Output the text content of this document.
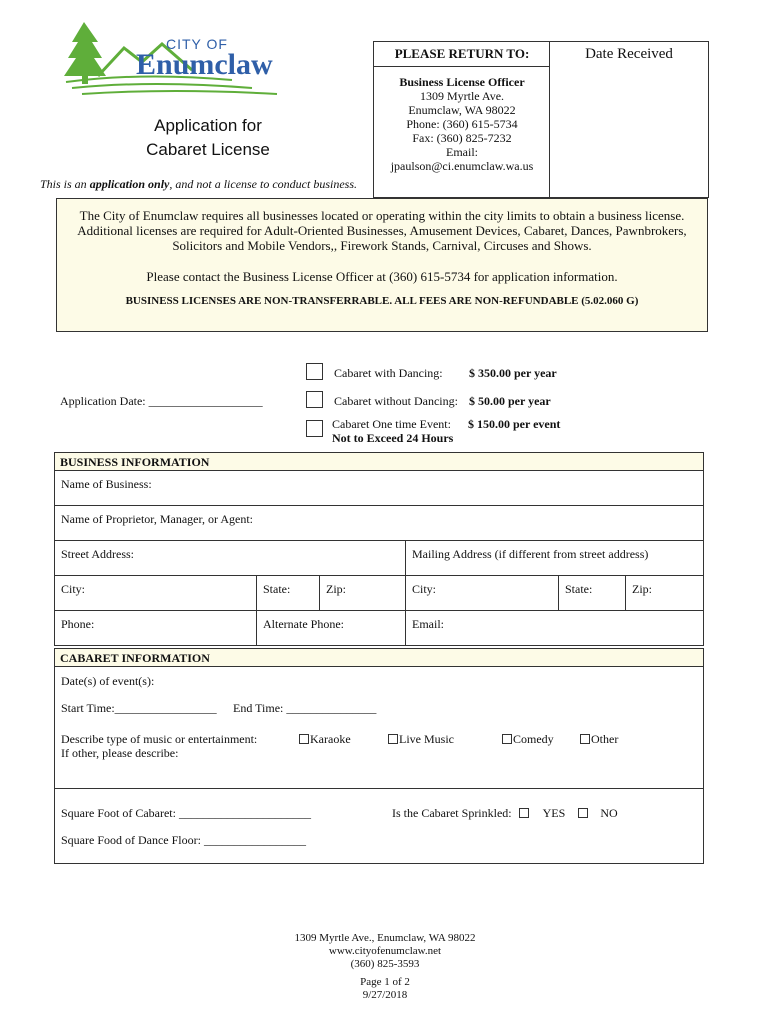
CITY OF
Enumclaw
Application for
Cabaret License
This is an application only, and not a license to conduct business.
PLEASE RETURN TO:
Business License Officer
1309 Myrtle Ave.
Enumclaw, WA 98022
Phone: (360) 615-5734
Fax: (360) 825-7232
Email:
jpaulson@ci.enumclaw.wa.us
Date Received

The City of Enumclaw requires all businesses located or operating within the city limits to obtain a business license. Additional licenses are required for Adult-Oriented Businesses, Amusement Devices, Cabaret, Dances, Pawnbrokers, Solicitors and Mobile Vendors,, Firework Stands, Carnival, Circuses and Shows.

Please contact the Business License Officer at (360) 615-5734 for application information.

BUSINESS LICENSES ARE NON-TRANSFERRABLE. ALL FEES ARE NON-REFUNDABLE (5.02.060 G)

Cabaret with Dancing: $ 350.00 per year
Application Date: ___________________	Cabaret without Dancing: $ 50.00 per year
Cabaret One time Event: $ 150.00 per event
Not to Exceed 24 Hours
BUSINESS INFORMATION
Name of Business:
Name of Proprietor, Manager, or Agent:
Street Address:	Mailing Address (if different from street address)
City:	State:	Zip:	City:	State:	Zip:
Phone:	Alternate Phone:	Email:
CABARET INFORMATION
Date(s) of event(s):
Start Time:_________________ End Time: _______________
Describe type of music or entertainment:
If other, please describe:
Karaoke	Live Music	Comedy	Other
Square Foot of Cabaret: ______________________	Is the Cabaret Sprinkled:	YES	NO
Square Food of Dance Floor: _________________
1309 Myrtle Ave., Enumclaw, WA 98022
www.cityofenumclaw.net
(360) 825-3593
Page 1 of 2
9/27/2018
